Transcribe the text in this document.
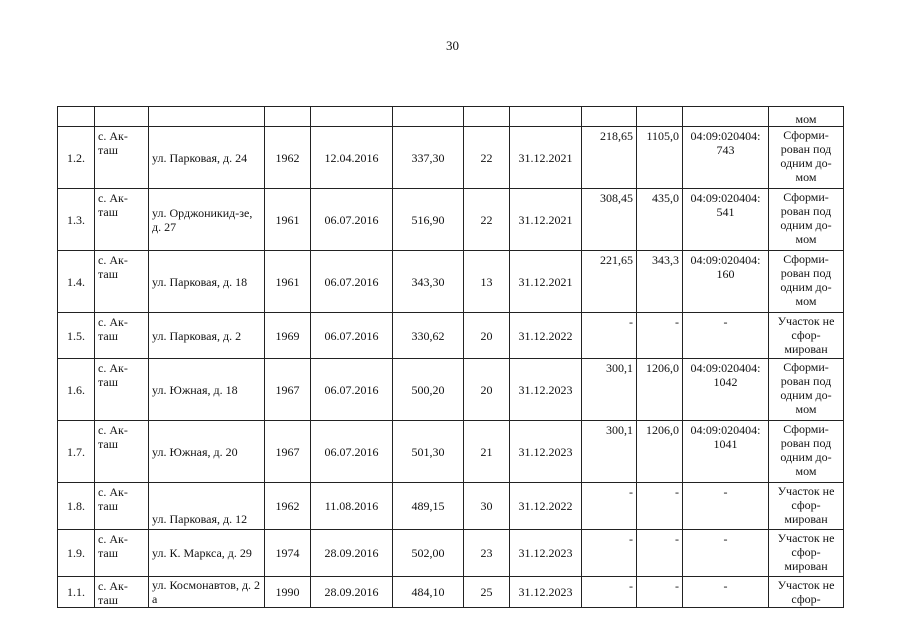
30
											мом
1.2.	с. Ак-таш	ул. Парковая, д. 24	1962	12.04.2016	337,30	22	31.12.2021	218,65	1105,0	04:09:020404: 743	Сформи-рован под одним до-мом
1.3.	с. Ак-таш	ул. Орджоникид-зе, д. 27	1961	06.07.2016	516,90	22	31.12.2021	308,45	435,0	04:09:020404: 541	Сформи-рован под одним до-мом
1.4.	с. Ак-таш	ул. Парковая, д. 18	1961	06.07.2016	343,30	13	31.12.2021	221,65	343,3	04:09:020404: 160	Сформи-рован под одним до-мом
1.5.	с. Ак-таш	ул. Парковая, д. 2	1969	06.07.2016	330,62	20	31.12.2022	-	-	-	Участок не сфор-мирован
1.6.	с. Ак-таш	ул. Южная, д. 18	1967	06.07.2016	500,20	20	31.12.2023	300,1	1206,0	04:09:020404: 1042	Сформи-рован под одним до-мом
1.7.	с. Ак-таш	ул. Южная, д. 20	1967	06.07.2016	501,30	21	31.12.2023	300,1	1206,0	04:09:020404: 1041	Сформи-рован под одним до-мом
1.8.	с. Ак-таш	ул. Парковая, д. 12	1962	11.08.2016	489,15	30	31.12.2022	-	-	-	Участок не сфор-мирован
1.9.	с. Ак-таш	ул. К. Маркса, д. 29	1974	28.09.2016	502,00	23	31.12.2023	-	-	-	Участок не сфор-мирован
1.1.	с. Ак-таш	ул. Космонавтов, д. 2 а	1990	28.09.2016	484,10	25	31.12.2023	-	-	-	Участок не сфор-
